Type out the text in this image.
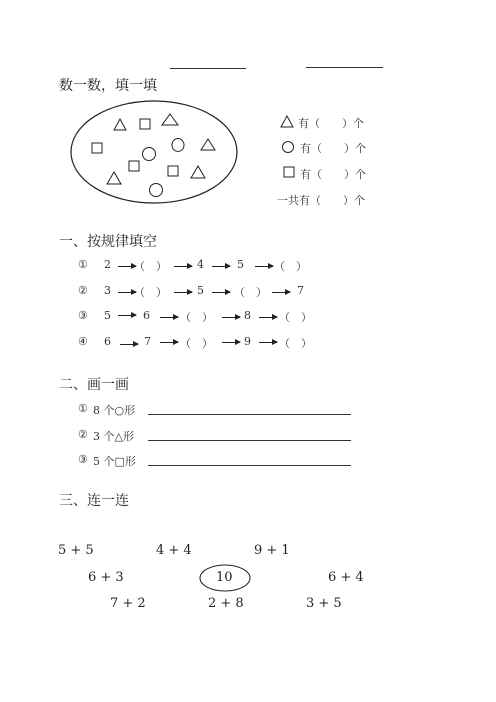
数一数，填一填
有（　　）个
有（　　）个
有（　　）个
一共有（　　）个
一、按规律填空
① 2 （　）	4	5	（　）
② 3 （　）	5	（　）	7
③ 5	6	（　）	8	（　）
④ 6	7	（　）	9	（　）
二、画一画
① 8 个○形
② 3 个△形
③ 5 个□形
三、连一连
5 + 5	4 + 4	9 + 1
6 + 3	10	6 + 4
7 + 2	2 + 8	3 + 5
